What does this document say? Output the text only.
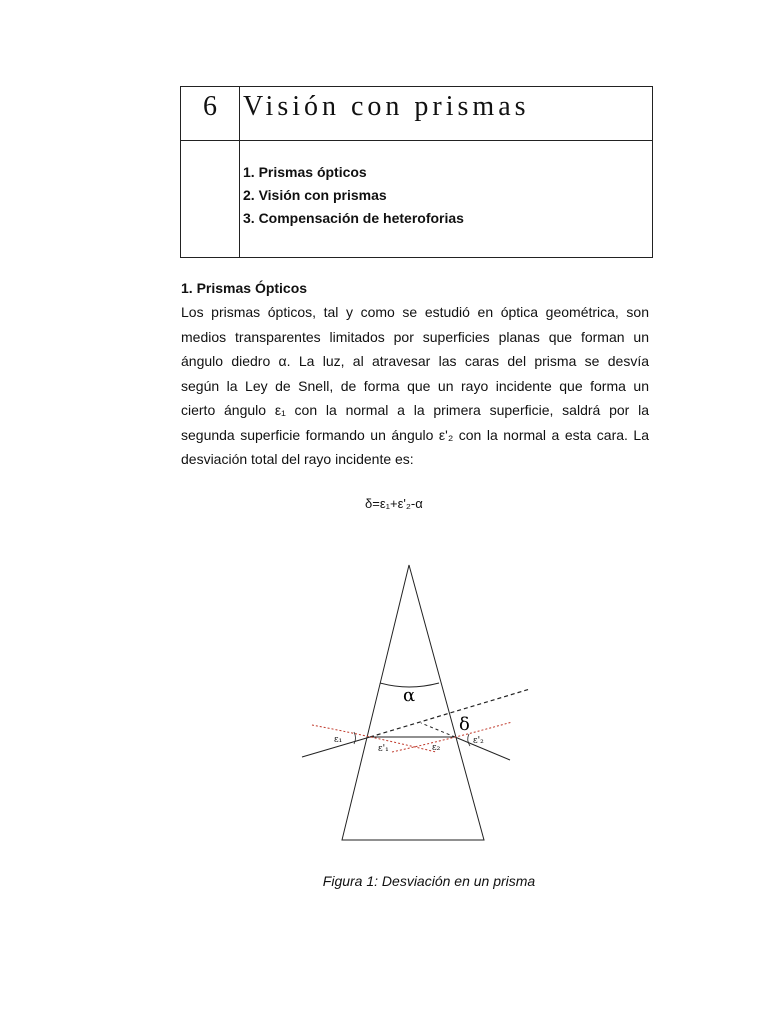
6 Visión con prismas
1. Prismas ópticos
2. Visión con prismas
3. Compensación de heteroforias
1. Prismas Ópticos
Los prismas ópticos, tal y como se estudió en óptica geométrica, son
medios transparentes limitados por superficies planas que forman un
ángulo diedro α. La luz, al atravesar las caras del prisma se desvía
según la Ley de Snell, de forma que un rayo incidente que forma un
cierto ángulo ε₁ con la normal a la primera superficie, saldrá por la
segunda superficie formando un ángulo ε'₂ con la normal a esta cara. La
desviación total del rayo incidente es:
δ=ε₁+ε'₂-α
α
δ
ε₁
ε'₁	ε₂
ε'₂
Figura 1: Desviación en un prisma
